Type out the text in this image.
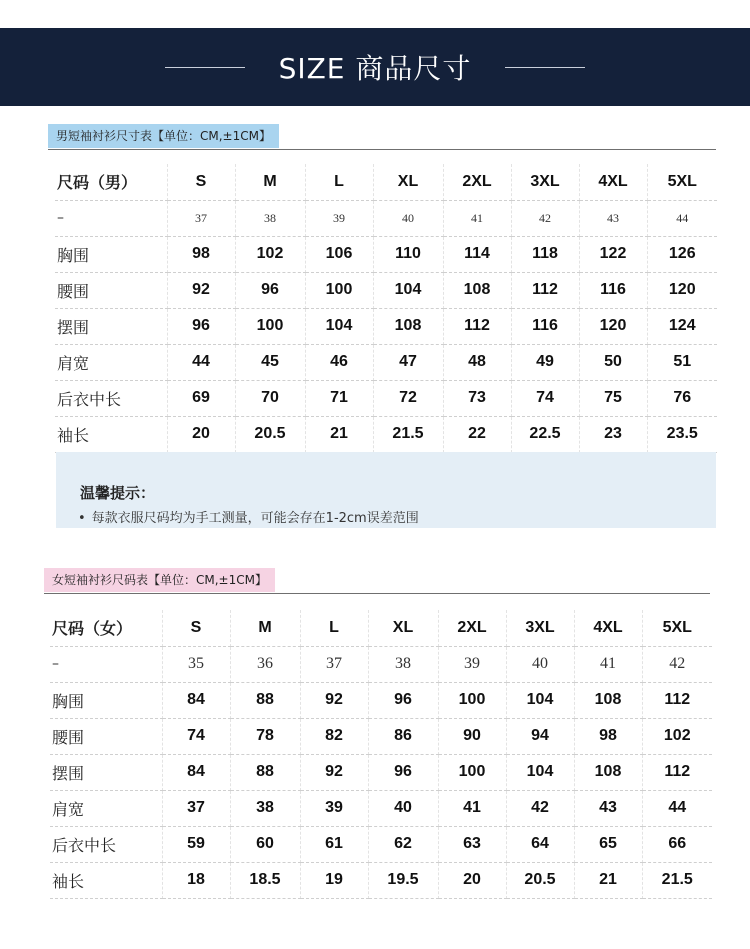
SIZE 商品尺寸
男短袖衬衫尺寸表【单位：CM,±1CM】
尺码（男）	S	M	L	XL	2XL	3XL	4XL	5XL
–	37	38	39	40	41	42	43	44
胸围	98	102	106	110	114	118	122	126
腰围	92	96	100	104	108	112	116	120
摆围	96	100	104	108	112	116	120	124
肩宽	44	45	46	47	48	49	50	51
后衣中长	69	70	71	72	73	74	75	76
袖长	20	20.5	21	21.5	22	22.5	23	23.5
温馨提示：
• 每款衣服尺码均为手工测量，可能会存在1-2cm误差范围
女短袖衬衫尺码表【单位：CM,±1CM】
尺码（女）	S	M	L	XL	2XL	3XL	4XL	5XL
–	35	36	37	38	39	40	41	42
胸围	84	88	92	96	100	104	108	112
腰围	74	78	82	86	90	94	98	102
摆围	84	88	92	96	100	104	108	112
肩宽	37	38	39	40	41	42	43	44
后衣中长	59	60	61	62	63	64	65	66
袖长	18	18.5	19	19.5	20	20.5	21	21.5
